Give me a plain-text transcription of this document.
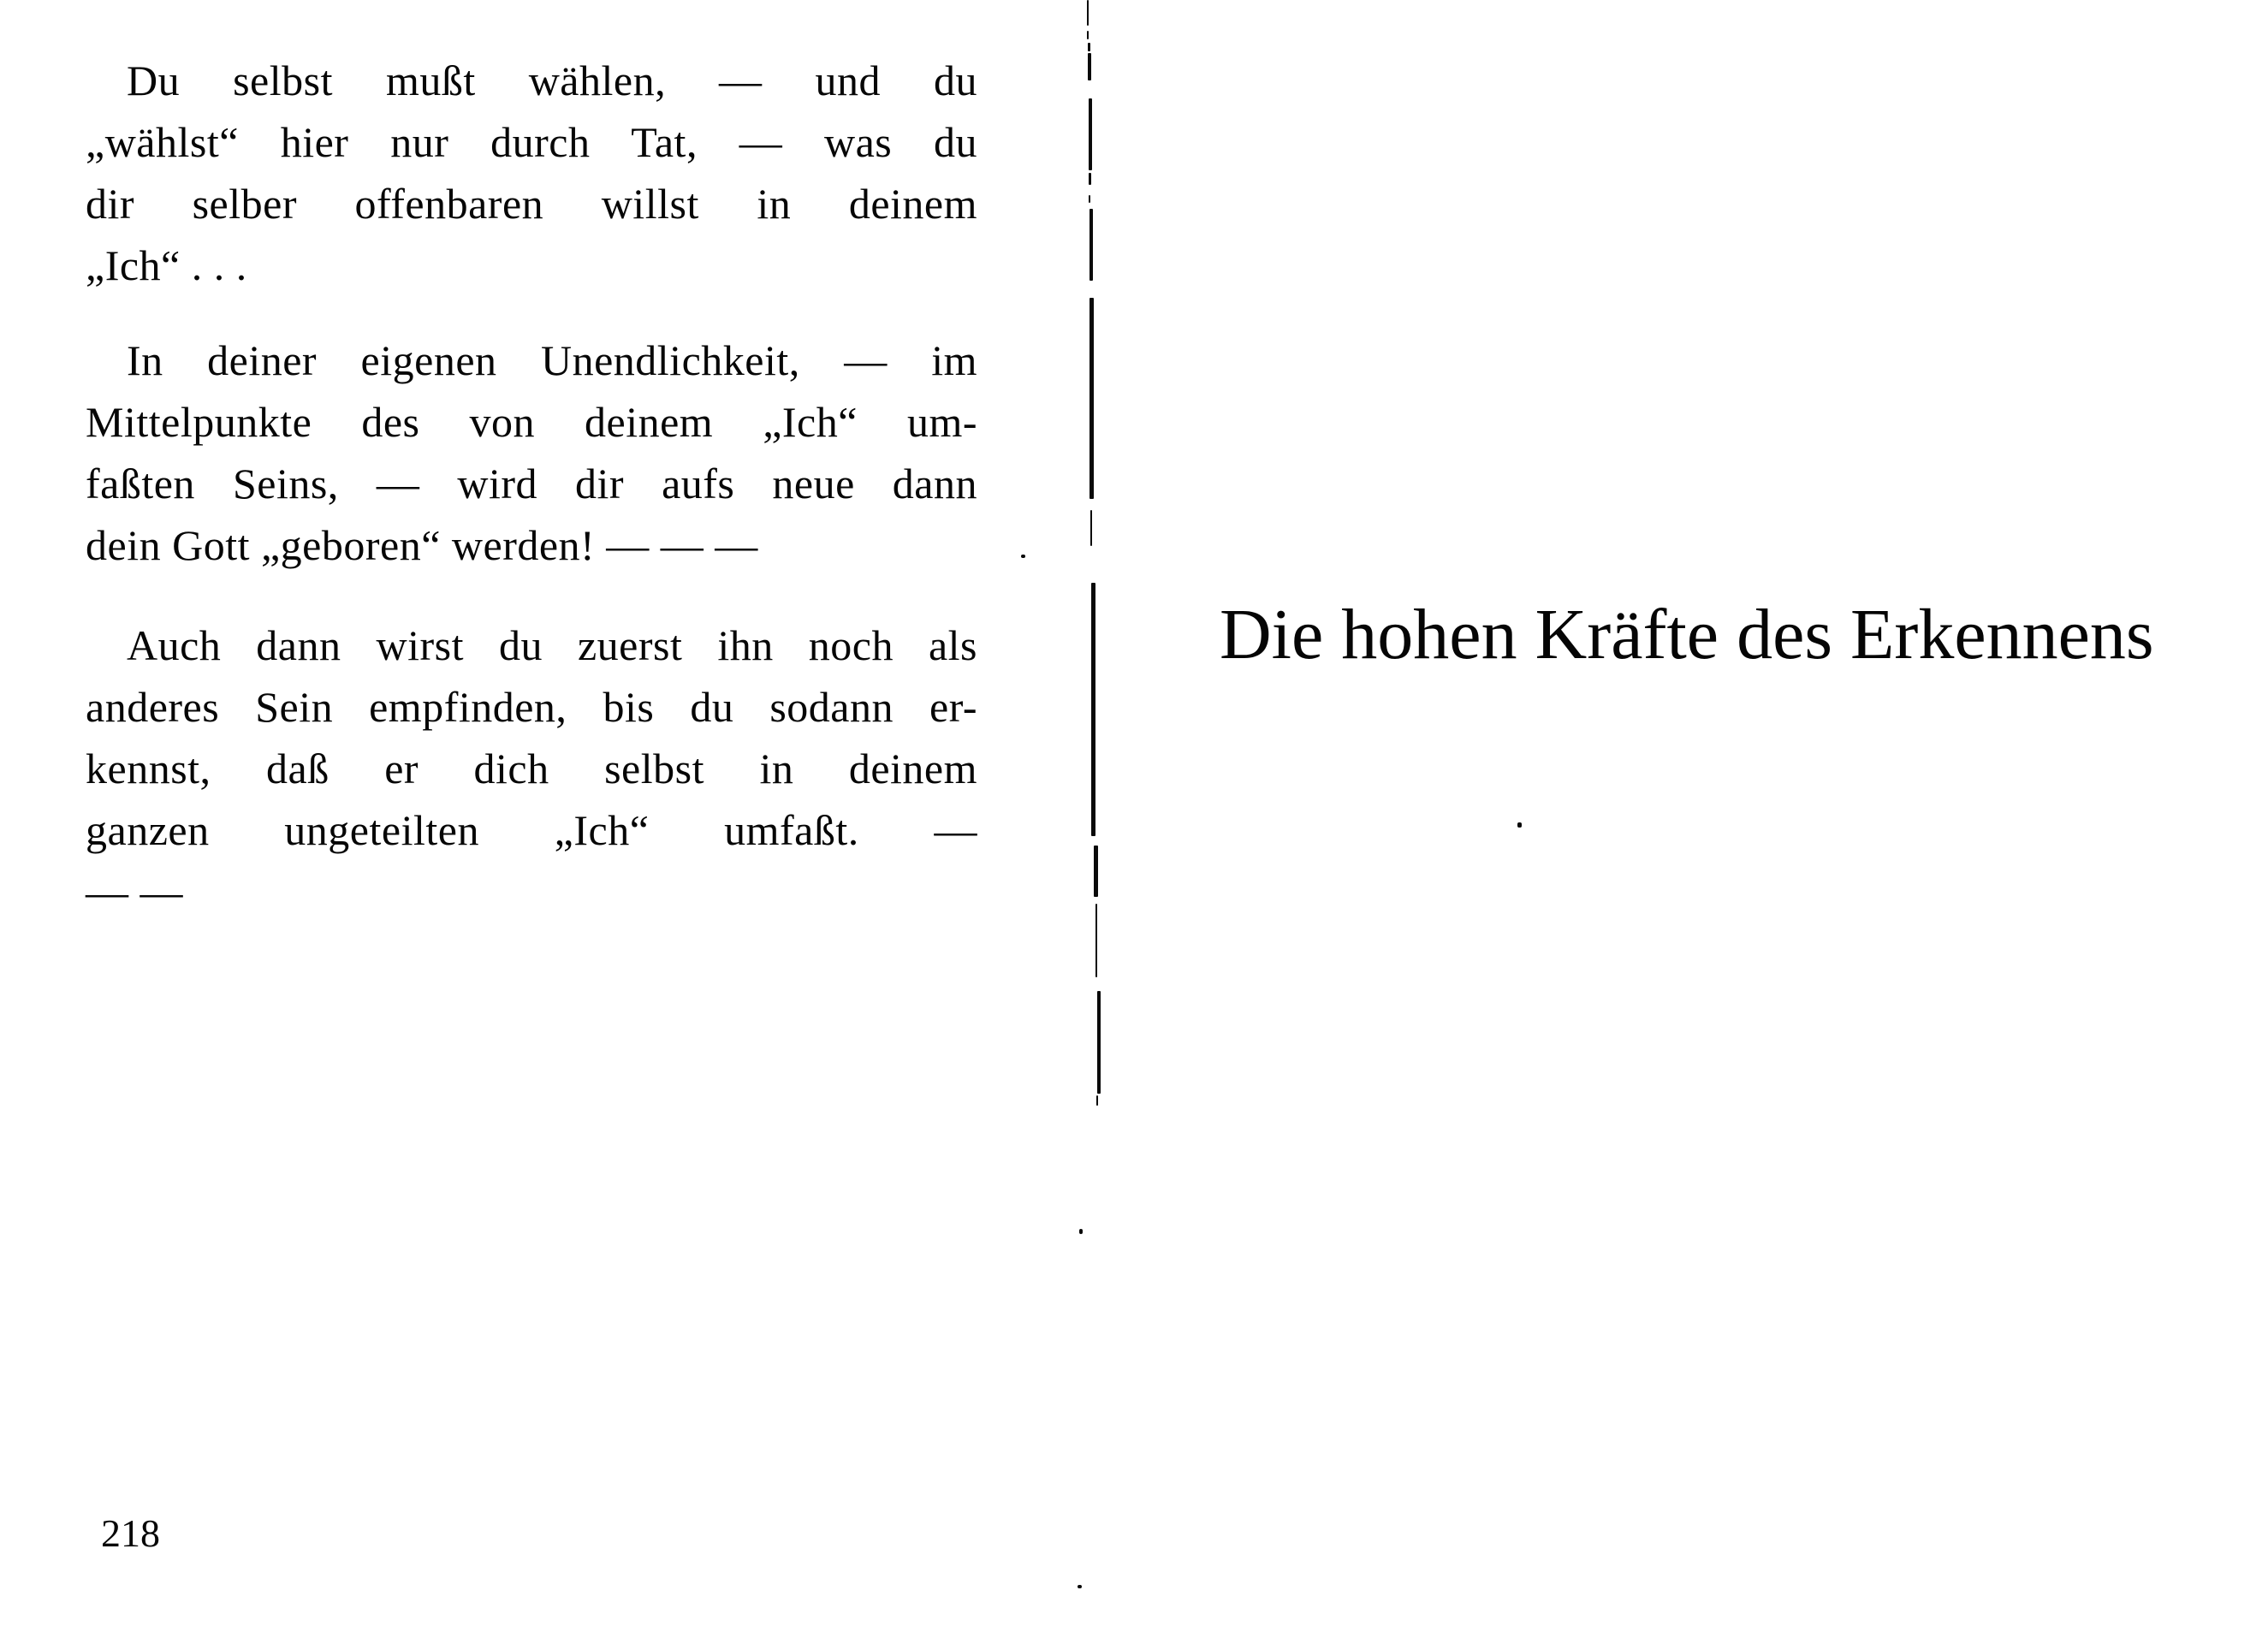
Du selbst mußt wählen, — und du
„wählst“ hier nur durch Tat, — was du
dir selber offenbaren willst in deinem
„Ich“ . . .
In deiner eigenen Unendlichkeit, — im
Mittelpunkte des von deinem „Ich“ um-
faßten Seins, — wird dir aufs neue dann
dein Gott „geboren“ werden! — — —
Auch dann wirst du zuerst ihn noch als
anderes Sein empfinden, bis du sodann er-
kennst, daß er dich selbst in deinem
ganzen ungeteilten „Ich“ umfaßt. —
— —
218
Die hohen Kräfte des Erkennens
